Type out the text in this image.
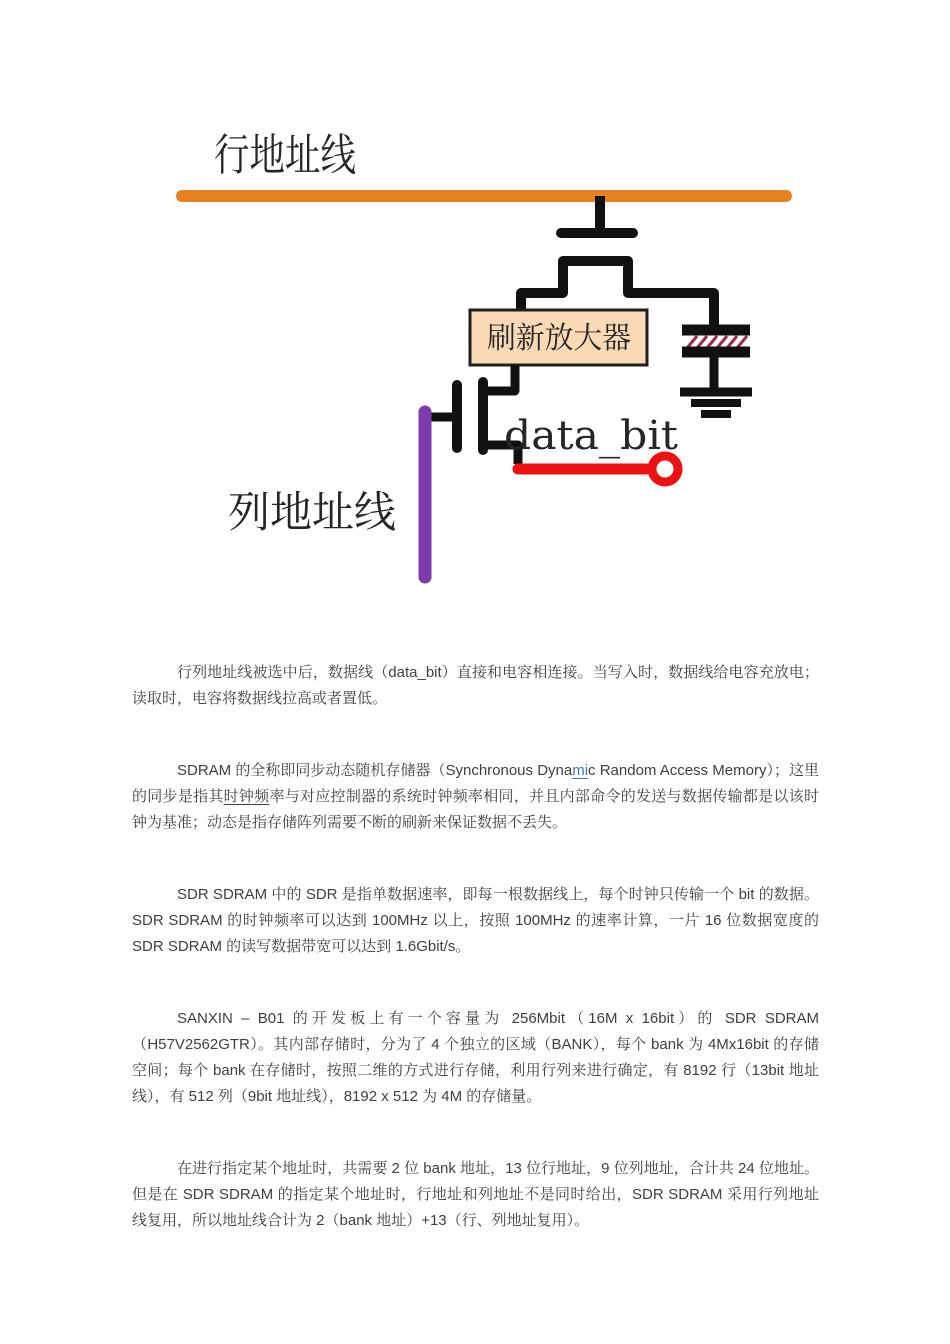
行地址线
刷新放大器
列地址线
data_bit

行列地址线被选中后，数据线（data_bit）直接和电容相连接。当写入时，数据线给电容充放电；读取时，电容将数据线拉高或者置低。

SDRAM 的全称即同步动态随机存储器（Synchronous Dynamic Random Access Memory）；这里的同步是指其时钟频率与对应控制器的系统时钟频率相同，并且内部命令的发送与数据传输都是以该时钟为基准；动态是指存储阵列需要不断的刷新来保证数据不丢失。

SDR SDRAM 中的 SDR 是指单数据速率，即每一根数据线上，每个时钟只传输一个 bit 的数据。SDR SDRAM 的时钟频率可以达到 100MHz 以上，按照 100MHz 的速率计算，一片 16 位数据宽度的 SDR SDRAM 的读写数据带宽可以达到 1.6Gbit/s。

SANXIN – B01 的开发板上有一个容量为 256Mbit（16M x 16bit）的 SDR SDRAM（H57V2562GTR）。其内部存储时，分为了 4 个独立的区域（BANK），每个 bank 为 4Mx16bit 的存储空间；每个 bank 在存储时，按照二维的方式进行存储，利用行列来进行确定，有 8192 行（13bit 地址线），有 512 列（9bit 地址线），8192 x 512 为 4M 的存储量。

在进行指定某个地址时，共需要 2 位 bank 地址，13 位行地址，9 位列地址，合计共 24 位地址。但是在 SDR SDRAM 的指定某个地址时，行地址和列地址不是同时给出，SDR SDRAM 采用行列地址线复用，所以地址线合计为 2（bank 地址）+13（行、列地址复用）。
